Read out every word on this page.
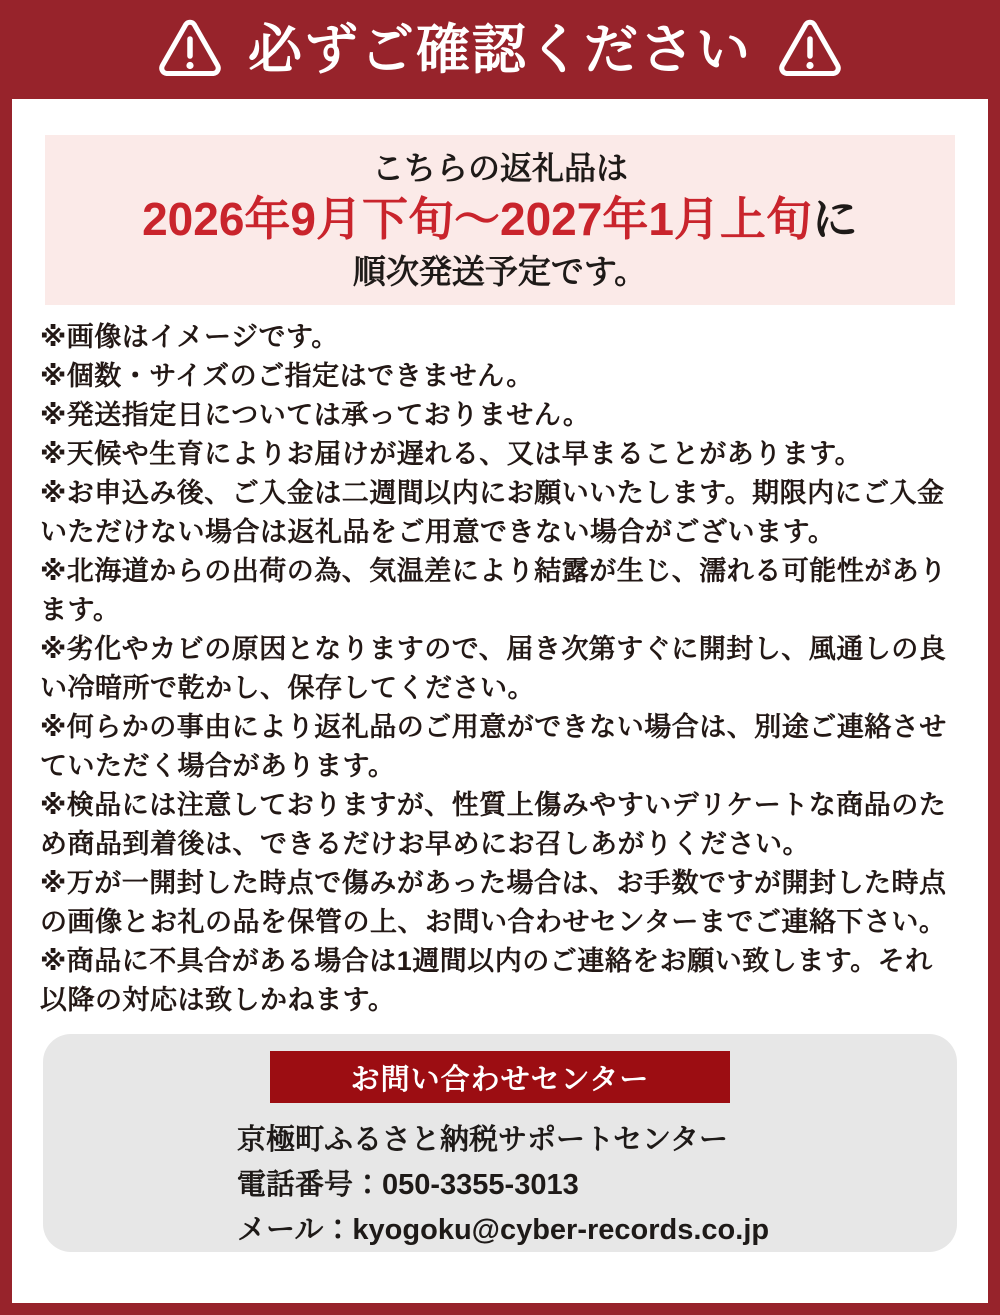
必ずご確認ください
こちらの返礼品は
2026年9月下旬～2027年1月上旬に
順次発送予定です。

※画像はイメージです。

※個数・サイズのご指定はできません。

※発送指定日については承っておりません。

※天候や生育によりお届けが遅れる、又は早まることがあります。

※お申込み後、ご入金は二週間以内にお願いいたします。期限内にご入金いただけない場合は返礼品をご用意できない場合がございます。

※北海道からの出荷の為、気温差により結露が生じ、濡れる可能性があります。

※劣化やカビの原因となりますので、届き次第すぐに開封し、風通しの良い冷暗所で乾かし、保存してください。

※何らかの事由により返礼品のご用意ができない場合は、別途ご連絡させていただく場合があります。

※検品には注意しておりますが、性質上傷みやすいデリケートな商品のため商品到着後は、できるだけお早めにお召しあがりください。

※万が一開封した時点で傷みがあった場合は、お手数ですが開封した時点の画像とお礼の品を保管の上、お問い合わせセンターまでご連絡下さい。

※商品に不具合がある場合は1週間以内のご連絡をお願い致します。それ以降の対応は致しかねます。

お問い合わせセンター
京極町ふるさと納税サポートセンター
電話番号：050-3355-3013
メール：kyogoku@cyber-records.co.jp
